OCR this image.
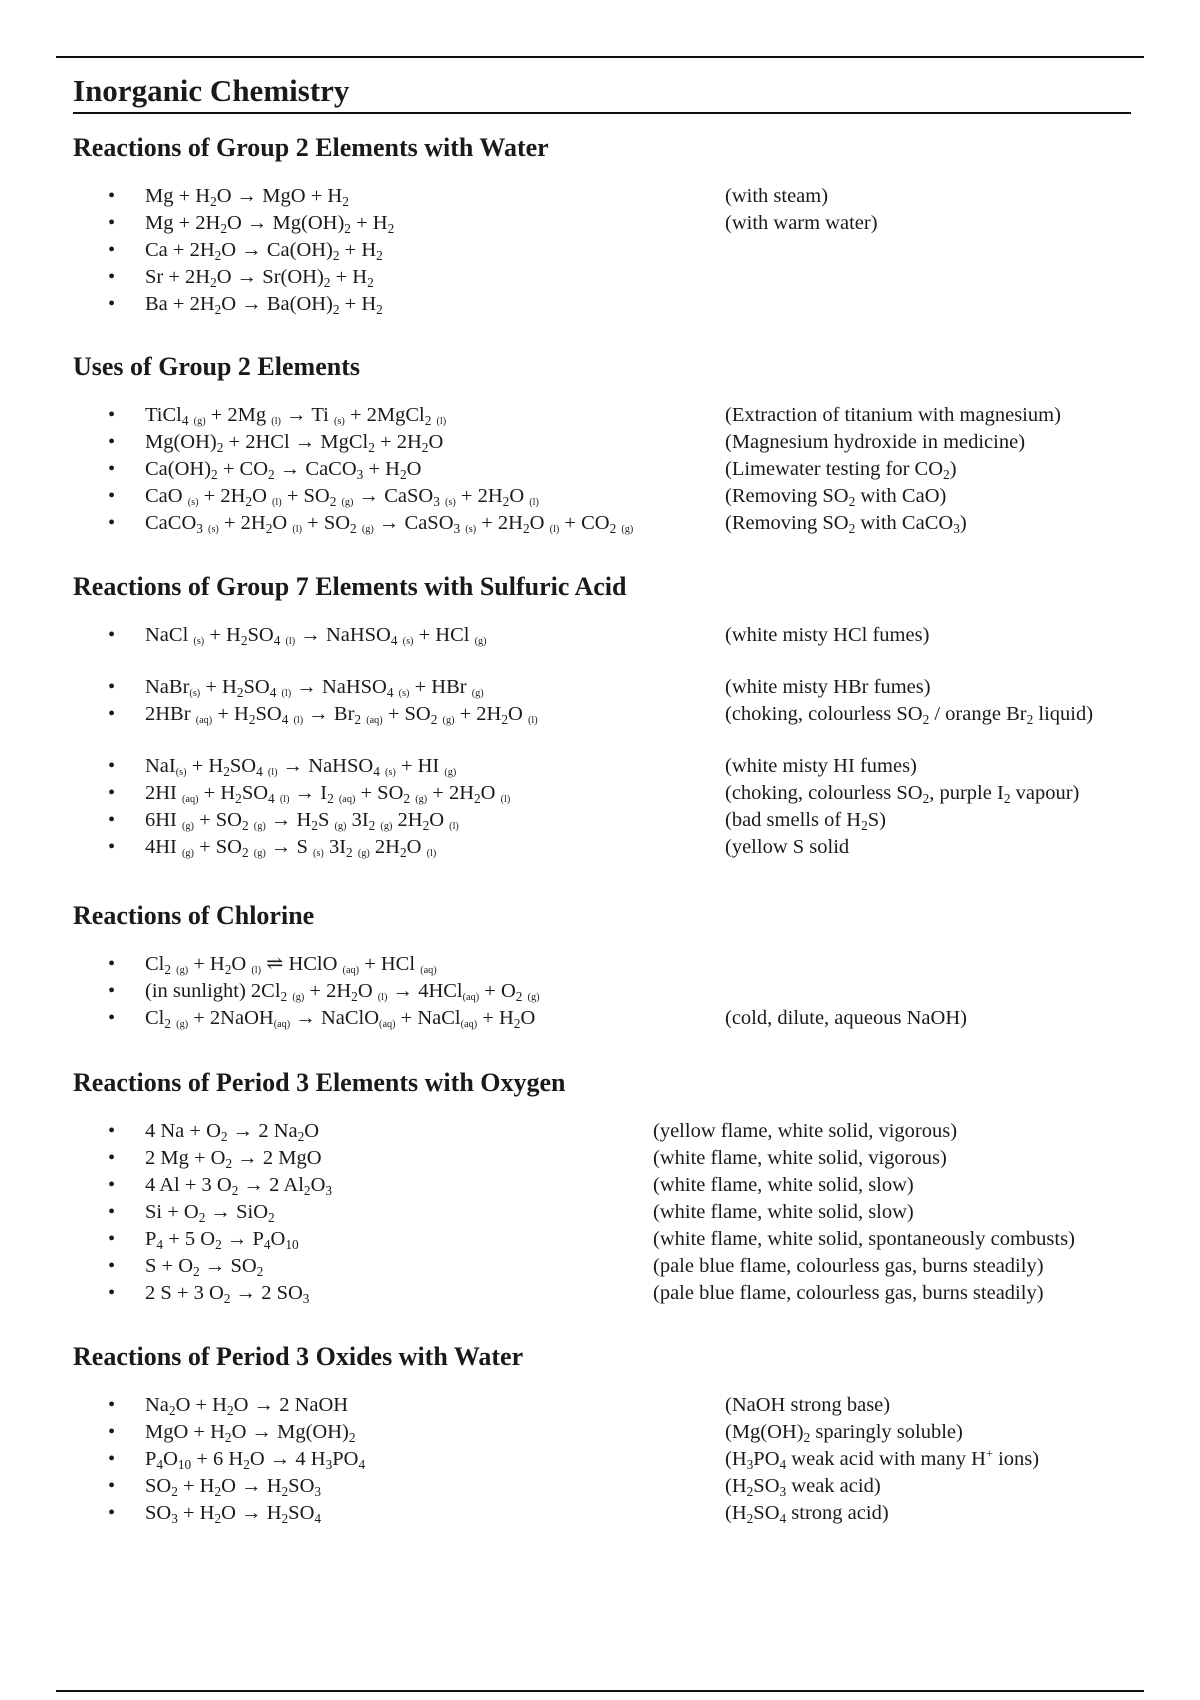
Inorganic Chemistry
Reactions of Group 2 Elements with Water
• $Mg + H_2O$ → MgO + $H_2$	(with steam)
• $Mg + 2H_2O \to Mg(OH)_2 + H_2$	(with warm water)
• $Ca + 2H_2O \to Ca(OH)_2 + H_2$
• $Sr + 2H_2O \to Sr(OH)_2 + H_2$
• $Ba + 2H_2O \to Ba(OH)_2 + H_2$
Uses of Group 2 Elements
• TiCl$_4$ $_{(g)}$ + 2Mg $_{(l)}$ → Ti $_{(s)}$ + 2MgCl$_2$ $_{(l)}$	(Extraction of titanium with magnesium)
• $Mg(OH)_2 + 2HCl$ → MgCl$_2$ + $2H_2O$	(Magnesium hydroxide in medicine)
• $Ca(OH)_2 + CO_2$ → CaCO$_3$ + $H_2O$	(Limewater testing for $CO_2$)
• CaO $_{(s)} + 2H_2O$ $_{(l)} + SO_2$ $_{(g)}$ → CaSO$_3$ $_{(s)} + 2H_2O$ $_{(l)}$	(Removing $SO_2$ with CaO)
• CaCO$_3$ $_{(s)} + 2H_2O$ $_{(l)} + SO_2$ $_{(g)}$ → CaSO$_3$ $_{(s)} + 2H_2O$ $_{(l)} + CO_2$ $_{(g)}$	(Removing $SO_2$ with CaCO$_3$)
Reactions of Group 7 Elements with Sulfuric Acid
• NaCl $_{(s)} + H_2SO_4$ $_{(l)}$ → NaHSO$_4$ $_{(s)}$ + HCl $_{(g)}$	(white misty HCl fumes)
• NaBr$_{(s)}$ + $H_2SO_4$ $_{(l)}$ → NaHSO$_4$ $_{(s)}$ + HBr $_{(g)}$	(white misty HBr fumes)
• 2HBr $_{(aq)} + H_2SO_4$ $_{(l)} \to Br_2$ $_{(aq)} + SO_2$ $_{(g)} + 2H_2O$ $_{(l)}$	(choking, colourless $SO_2$ / orange $Br_2$ liquid)
• $NaI_{(s)} + H_2SO_4$ $_{(l)}$ → NaHSO$_4$ $_{(s)}$ + HI $_{(g)}$	(white misty HI fumes)
• 2HI $_{(aq)} + H_2SO_4$ $_{(l)} \to I_2$ $_{(aq)} + SO_2$ $_{(g)} + 2H_2O$ $_{(l)}$	(choking, colourless $SO_2$, purple $I_2$ vapour)
• 6HI $_{(g)} + SO_2$ $_{(g)} \to H_2S$ $_{(g)}$ $3I_2$ $_{(g)}$ $2H_2O$ $_{(l)}$	(bad smells of $H_2S$)
• 4HI $_{(g)} + SO_2$ $_{(g)}$ → S $_{(s)}$ $3I_2$ $_{(g)}$ $2H_2O$ $_{(l)}$	(yellow S solid
Reactions of Chlorine
• $Cl_2$ $_{(g)} + H_2O$ $_{(l)}$ ⇌ HClO $_{(aq)}$ + HCl $_{(aq)}$
• (in sunlight) $2Cl_2$ $_{(g)} + 2H_2O$ $_{(l)} \to 4HCl_{(aq)} + O_2$ $_{(g)}$
• $Cl_2$ $_{(g)}$ + 2NaOH$_{(aq)}$ → NaClO$_{(aq)}$ + NaCl$_{(aq)}$ + $H_2O$	(cold, dilute, aqueous NaOH)
Reactions of Period 3 Elements with Oxygen
• 4 $Na + O_2 \to 2$ $Na_2O$	(yellow flame, white solid, vigorous)
• 2 $Mg + O_2 \to 2$ MgO	(white flame, white solid, vigorous)
• 4 Al + 3 $O_2 \to 2$ $Al_2O_3$	(white flame, white solid, slow)
• $Si + O_2 \to SiO_2$	(white flame, white solid, slow)
• $P_4 + 5$ $O_2 \to P_4O_{10}$	(white flame, white solid, spontaneously combusts)
• $S + O_2 \to SO_2$	(pale blue flame, colourless gas, burns steadily)
• 2 S + 3 $O_2 \to 2$ $SO_3$	(pale blue flame, colourless gas, burns steadily)
Reactions of Period 3 Oxides with Water
• $Na_2O + H_2O \to 2$ NaOH	(NaOH strong base)
• MgO + $H_2O \to Mg(OH)_2$	($Mg(OH)_2$ sparingly soluble)
• $P_4O_{10} + 6$ $H_2O \to 4$ $H_3PO_4$	($H_3PO_4$ weak acid with many H+ ions)
• $SO_2 + H_2O \to H_2SO_3$	($H_2SO_3$ weak acid)
• $SO_3 + H_2O \to H_2SO_4$	($H_2SO_4$ strong acid)
